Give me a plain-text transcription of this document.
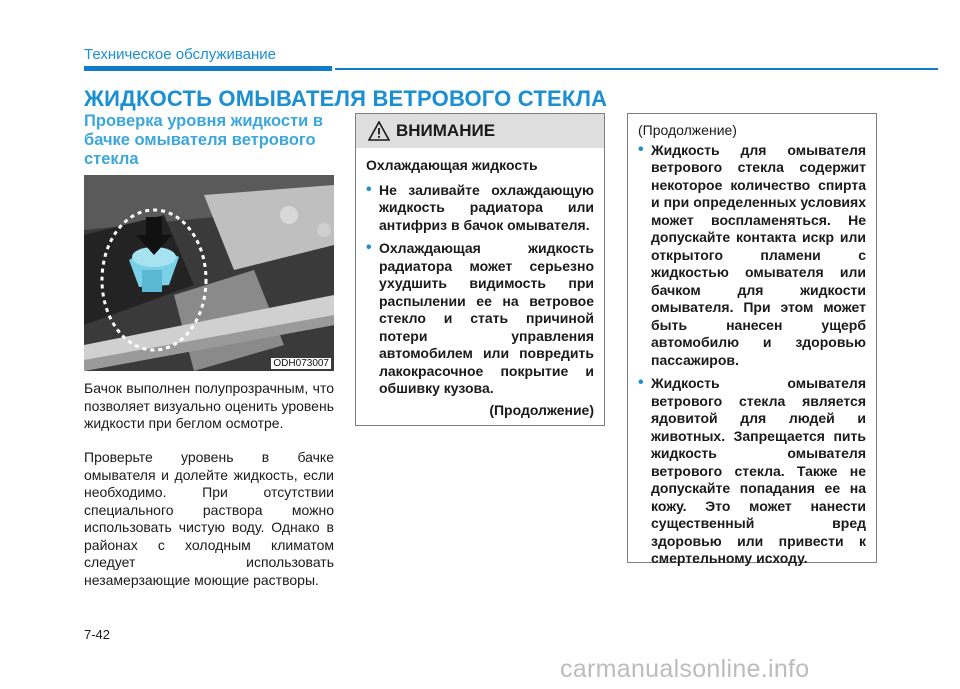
Техническое обслуживание
ЖИДКОСТЬ ОМЫВАТЕЛЯ ВЕТРОВОГО СТЕКЛА
Проверка уровня жидкости в бачке омывателя ветрового стекла
ODH073007

Бачок выполнен полупрозрачным, что позволяет визуально оценить уровень жидкости при беглом осмотре.

Проверьте уровень в бачке омывателя и долейте жидкость, если необходимо. При отсутствии специального раствора можно использовать чистую воду. Однако в районах с холодным климатом следует использовать незамерзающие моющие растворы.

ВНИМАНИЕ

Охлаждающая жидкость

• Не заливайте охлаждающую жидкость радиатора или антифриз в бачок омывателя.

• Охлаждающая жидкость радиатора может серьезно ухудшить видимость при распылении ее на ветровое стекло и стать причиной потери управления автомобилем или повредить лакокрасочное покрытие и обшивку кузова.

(Продолжение)

(Продолжение)

• Жидкость для омывателя ветрового стекла содержит некоторое количество спирта и при определенных условиях может воспламеняться. Не допускайте контакта искр или открытого пламени с жидкостью омывателя или бачком для жидкости омывателя. При этом может быть нанесен ущерб автомобилю и здоровью пассажиров.

• Жидкость омывателя ветрового стекла является ядовитой для людей и животных. Запрещается пить жидкость омывателя ветрового стекла. Также не допускайте попадания ее на кожу. Это может нанести существенный вред здоровью или привести к смертельному исходу.

7-42
carmanualsonline.info
